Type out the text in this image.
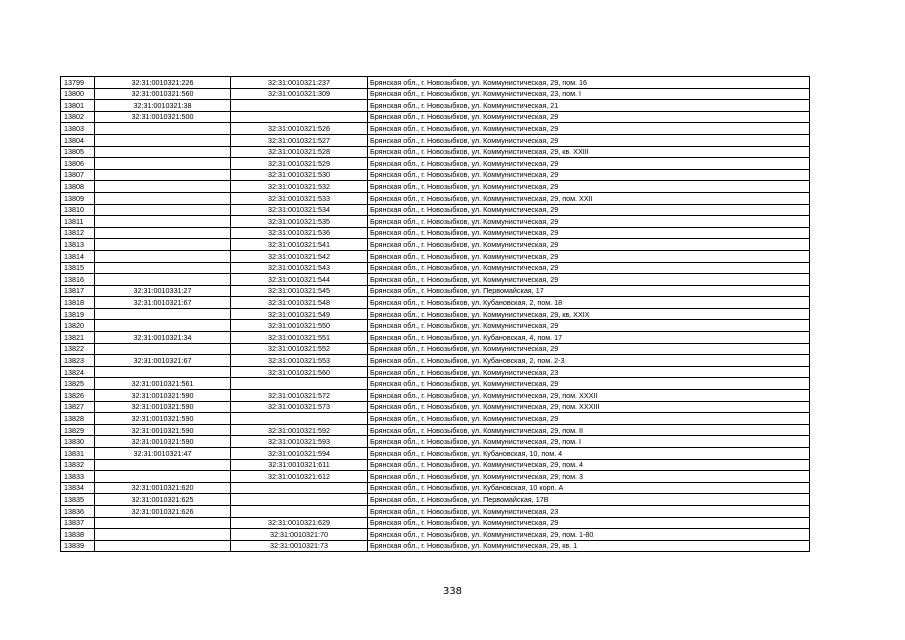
13799	32:31:0010321:226	32:31:0010321:237	Брянская обл., г. Новозыбков, ул. Коммунистическая, 29, пом. 16
13800	32:31:0010321:560	32:31:0010321:309	Брянская обл., г. Новозыбков, ул. Коммунистическая, 23, пом. I
13801	32:31:0010321:38		Брянская обл., г. Новозыбков, ул. Коммунистическая, 21
13802	32:31:0010321:500		Брянская обл., г. Новозыбков, ул. Коммунистическая, 29
13803		32:31:0010321:526	Брянская обл., г. Новозыбков, ул. Коммунистическая, 29
13804		32:31:0010321:527	Брянская обл., г. Новозыбков, ул. Коммунистическая, 29
13805		32:31:0010321:528	Брянская обл., г. Новозыбков, ул. Коммунистическая, 29, кв. XXIII
13806		32:31:0010321:529	Брянская обл., г. Новозыбков, ул. Коммунистическая, 29
13807		32:31:0010321:530	Брянская обл., г. Новозыбков, ул. Коммунистическая, 29
13808		32:31:0010321:532	Брянская обл., г. Новозыбков, ул. Коммунистическая, 29
13809		32:31:0010321:533	Брянская обл., г. Новозыбков, ул. Коммунистическая, 29, пом. XXII
13810		32:31:0010321:534	Брянская обл., г. Новозыбков, ул. Коммунистическая, 29
13811		32:31:0010321:535	Брянская обл., г. Новозыбков, ул. Коммунистическая, 29
13812		32:31:0010321:536	Брянская обл., г. Новозыбков, ул. Коммунистическая, 29
13813		32:31:0010321:541	Брянская обл., г. Новозыбков, ул. Коммунистическая, 29
13814		32:31:0010321:542	Брянская обл., г. Новозыбков, ул. Коммунистическая, 29
13815		32:31:0010321:543	Брянская обл., г. Новозыбков, ул. Коммунистическая, 29
13816		32:31:0010321:544	Брянская обл., г. Новозыбков, ул. Коммунистическая, 29
13817	32:31:0010331:27	32:31:0010321:545	Брянская обл., г. Новозыбков, ул. Первомайская, 17
13818	32:31:0010321:67	32:31:0010321:548	Брянская обл., г. Новозыбков, ул. Кубановская, 2, пом. 18
13819		32:31:0010321:549	Брянская обл., г. Новозыбков, ул. Коммунистическая, 29, кв. XXIX
13820		32:31:0010321:550	Брянская обл., г. Новозыбков, ул. Коммунистическая, 29
13821	32:31:0010321:34	32:31:0010321:551	Брянская обл., г. Новозыбков, ул. Кубановская, 4, пом. 17
13822		32:31:0010321:552	Брянская обл., г. Новозыбков, ул. Коммунистическая, 29
13823	32:31:0010321:67	32:31:0010321:553	Брянская обл., г. Новозыбков, ул. Кубановская, 2, пом. 2-3
13824		32:31:0010321:560	Брянская обл., г. Новозыбков, ул. Коммунистическая, 23
13825	32:31:0010321:561		Брянская обл., г. Новозыбков, ул. Коммунистическая, 29
13826	32:31:0010321:590	32:31:0010321:572	Брянская обл., г. Новозыбков, ул. Коммунистическая, 29, пом. XXXII
13827	32:31:0010321:590	32:31:0010321:573	Брянская обл., г. Новозыбков, ул. Коммунистическая, 29, пом. XXXIII
13828	32:31:0010321:590		Брянская обл., г. Новозыбков, ул. Коммунистическая, 29
13829	32:31:0010321:590	32:31:0010321:592	Брянская обл., г. Новозыбков, ул. Коммунистическая, 29, пом. II
13830	32:31:0010321:590	32:31:0010321:593	Брянская обл., г. Новозыбков, ул. Коммунистическая, 29, пом. I
13831	32:31:0010321:47	32:31:0010321:594	Брянская обл., г. Новозыбков, ул. Кубановская, 10, пом. 4
13832		32:31:0010321:611	Брянская обл., г. Новозыбков, ул. Коммунистическая, 29, пом. 4
13833		32:31:0010321:612	Брянская обл., г. Новозыбков, ул. Коммунистическая, 29, пом. 3
13834	32:31:0010321:620		Брянская обл., г. Новозыбков, ул. Кубановская, 10 корп. А
13835	32:31:0010321:625		Брянская обл., г. Новозыбков, ул. Первомайская, 17В
13836	32:31:0010321:626		Брянская обл., г. Новозыбков, ул. Коммунистическая, 23
13837		32:31:0010321:629	Брянская обл., г. Новозыбков, ул. Коммунистическая, 29
13838		32:31:0010321:70	Брянская обл., г. Новозыбков, ул. Коммунистическая, 29, пом. 1-80
13839		32:31:0010321:73	Брянская обл., г. Новозыбков, ул. Коммунистическая, 29, кв. 1
338
